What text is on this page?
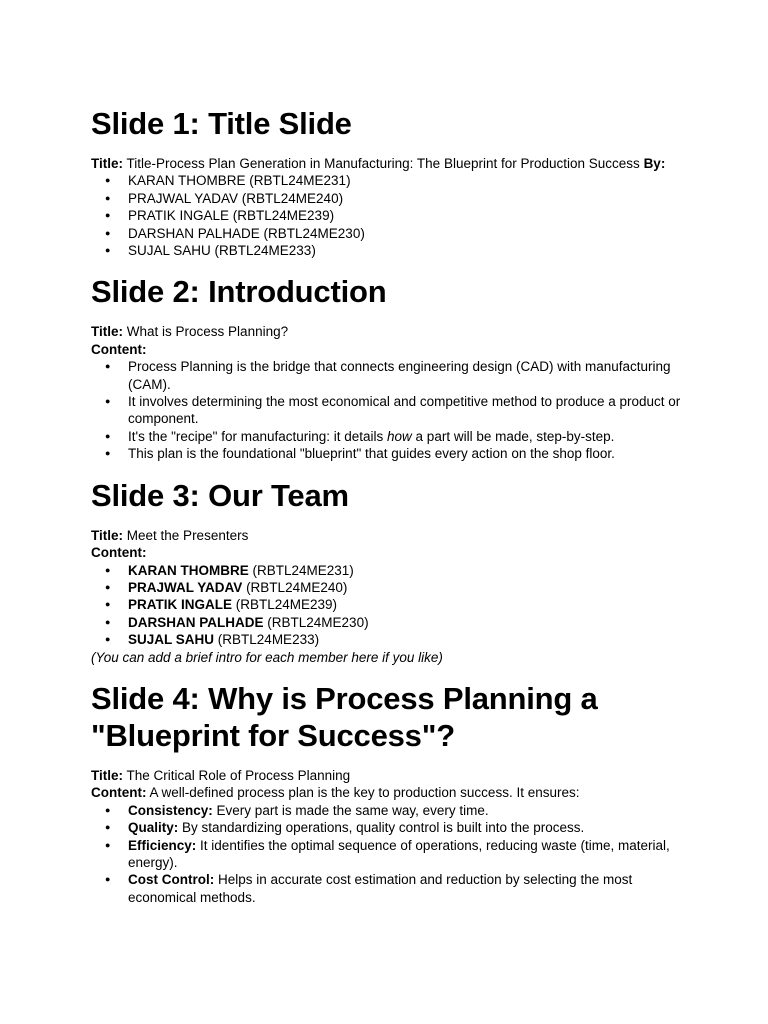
Slide 1: Title Slide

Title: Title-Process Plan Generation in Manufacturing: The Blueprint for Production Success By:

● KARAN THOMBRE (RBTL24ME231)
● PRAJWAL YADAV (RBTL24ME240)
● PRATIK INGALE (RBTL24ME239)
● DARSHAN PALHADE (RBTL24ME230)
● SUJAL SAHU (RBTL24ME233)
Slide 2: Introduction

Title: What is Process Planning?

Content:

● Process Planning is the bridge that connects engineering design (CAD) with manufacturing (CAM).
● It involves determining the most economical and competitive method to produce a product or component.
● It's the "recipe" for manufacturing: it details how a part will be made, step-by-step.
● This plan is the foundational "blueprint" that guides every action on the shop floor.
Slide 3: Our Team

Title: Meet the Presenters

Content:

● KARAN THOMBRE (RBTL24ME231)
● PRAJWAL YADAV (RBTL24ME240)
● PRATIK INGALE (RBTL24ME239)
● DARSHAN PALHADE (RBTL24ME230)
● SUJAL SAHU (RBTL24ME233)

(You can add a brief intro for each member here if you like)

Slide 4: Why is Process Planning a "Blueprint for Success"?

Title: The Critical Role of Process Planning

Content: A well-defined process plan is the key to production success. It ensures:

● Consistency: Every part is made the same way, every time.
● Quality: By standardizing operations, quality control is built into the process.
● Efficiency: It identifies the optimal sequence of operations, reducing waste (time, material, energy).
● Cost Control: Helps in accurate cost estimation and reduction by selecting the most economical methods.
